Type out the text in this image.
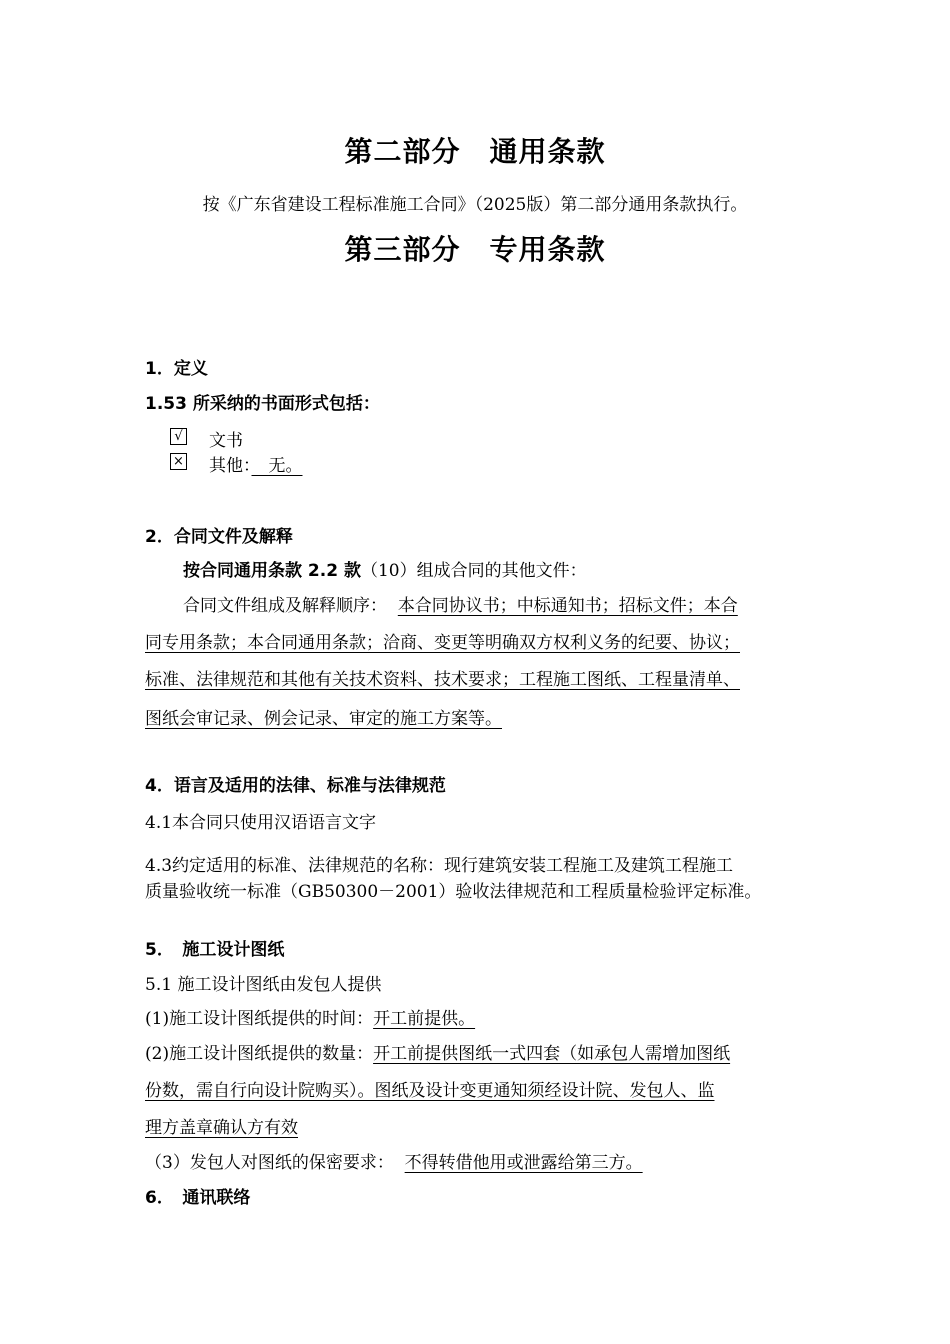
第二部分　通用条款
按《广东省建设工程标准施工合同》（2025版）第二部分通用条款执行。
第三部分　专用条款
1．定义
1.53 所采纳的书面形式包括：
√ 文书
× 其他：　无。
2．合同文件及解释
按合同通用条款 2.2 款（10）组成合同的其他文件：
合同文件组成及解释顺序： 本合同协议书；中标通知书；招标文件；本合
同专用条款；本合同通用条款；洽商、变更等明确双方权利义务的纪要、协议；
标准、法律规范和其他有关技术资料、技术要求；工程施工图纸、工程量清单、
图纸会审记录、例会记录、审定的施工方案等。
4．语言及适用的法律、标准与法律规范
4.1本合同只使用汉语语言文字
4.3约定适用的标准、法律规范的名称：现行建筑安装工程施工及建筑工程施工
质量验收统一标准（GB50300－2001）验收法律规范和工程质量检验评定标准。
5．　施工设计图纸
5.1 施工设计图纸由发包人提供
(1)施工设计图纸提供的时间：开工前提供。
(2)施工设计图纸提供的数量：开工前提供图纸一式四套（如承包人需增加图纸
份数，需自行向设计院购买）。图纸及设计变更通知须经设计院、发包人、监
理方盖章确认方有效
（3）发包人对图纸的保密要求： 不得转借他用或泄露给第三方。
6．　通讯联络
